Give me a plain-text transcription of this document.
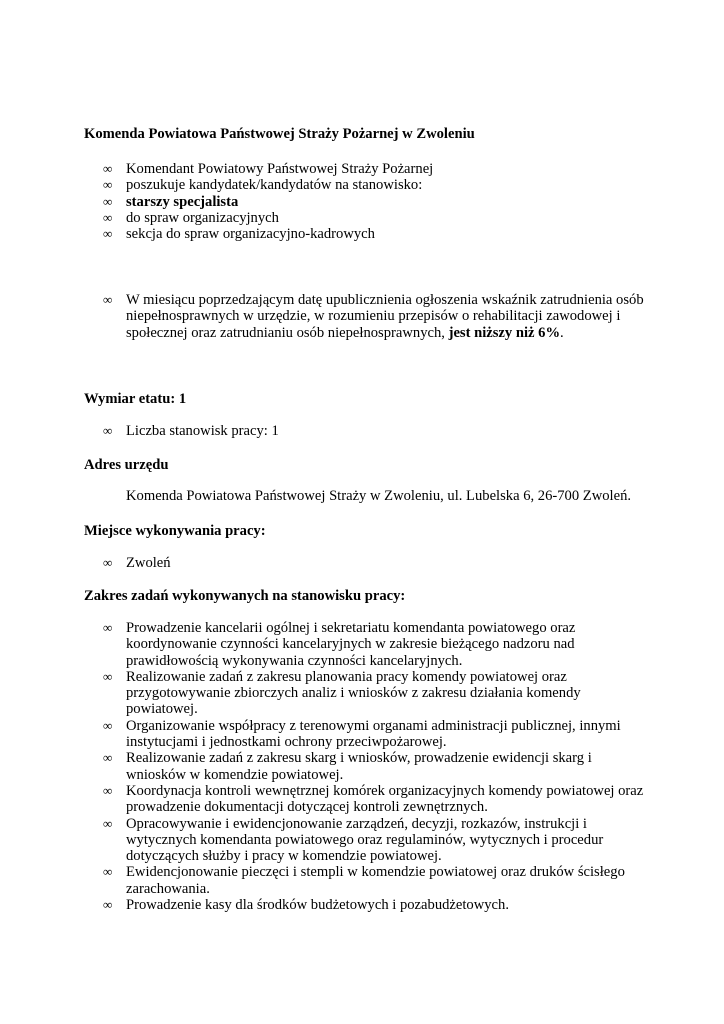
Komenda Powiatowa Państwowej Straży Pożarnej w Zwoleniu
∞ Komendant Powiatowy Państwowej Straży Pożarnej
∞ poszukuje kandydatek/kandydatów na stanowisko:
∞ starszy specjalista
∞ do spraw organizacyjnych
∞ sekcja do spraw organizacyjno-kadrowych
∞ W miesiącu poprzedzającym datę upublicznienia ogłoszenia wskaźnik zatrudnienia osób niepełnosprawnych w urzędzie, w rozumieniu przepisów o rehabilitacji zawodowej i społecznej oraz zatrudnianiu osób niepełnosprawnych, jest niższy niż 6%.
Wymiar etatu: 1
∞ Liczba stanowisk pracy: 1
Adres urzędu
Komenda Powiatowa Państwowej Straży w Zwoleniu, ul. Lubelska 6, 26-700 Zwoleń.
Miejsce wykonywania pracy:
∞ Zwoleń
Zakres zadań wykonywanych na stanowisku pracy:
∞ Prowadzenie kancelarii ogólnej i sekretariatu komendanta powiatowego oraz koordynowanie czynności kancelaryjnych w zakresie bieżącego nadzoru nad prawidłowością wykonywania czynności kancelaryjnych.
∞ Realizowanie zadań z zakresu planowania pracy komendy powiatowej oraz przygotowywanie zbiorczych analiz i wniosków z zakresu działania komendy powiatowej.
∞ Organizowanie współpracy z terenowymi organami administracji publicznej, innymi instytucjami i jednostkami ochrony przeciwpożarowej.
∞ Realizowanie zadań z zakresu skarg i wniosków, prowadzenie ewidencji skarg i wniosków w komendzie powiatowej.
∞ Koordynacja kontroli wewnętrznej komórek organizacyjnych komendy powiatowej oraz prowadzenie dokumentacji dotyczącej kontroli zewnętrznych.
∞ Opracowywanie i ewidencjonowanie zarządzeń, decyzji, rozkazów, instrukcji i wytycznych komendanta powiatowego oraz regulaminów, wytycznych i procedur dotyczących służby i pracy w komendzie powiatowej.
∞ Ewidencjonowanie pieczęci i stempli w komendzie powiatowej oraz druków ścisłego zarachowania.
∞ Prowadzenie kasy dla środków budżetowych i pozabudżetowych.
